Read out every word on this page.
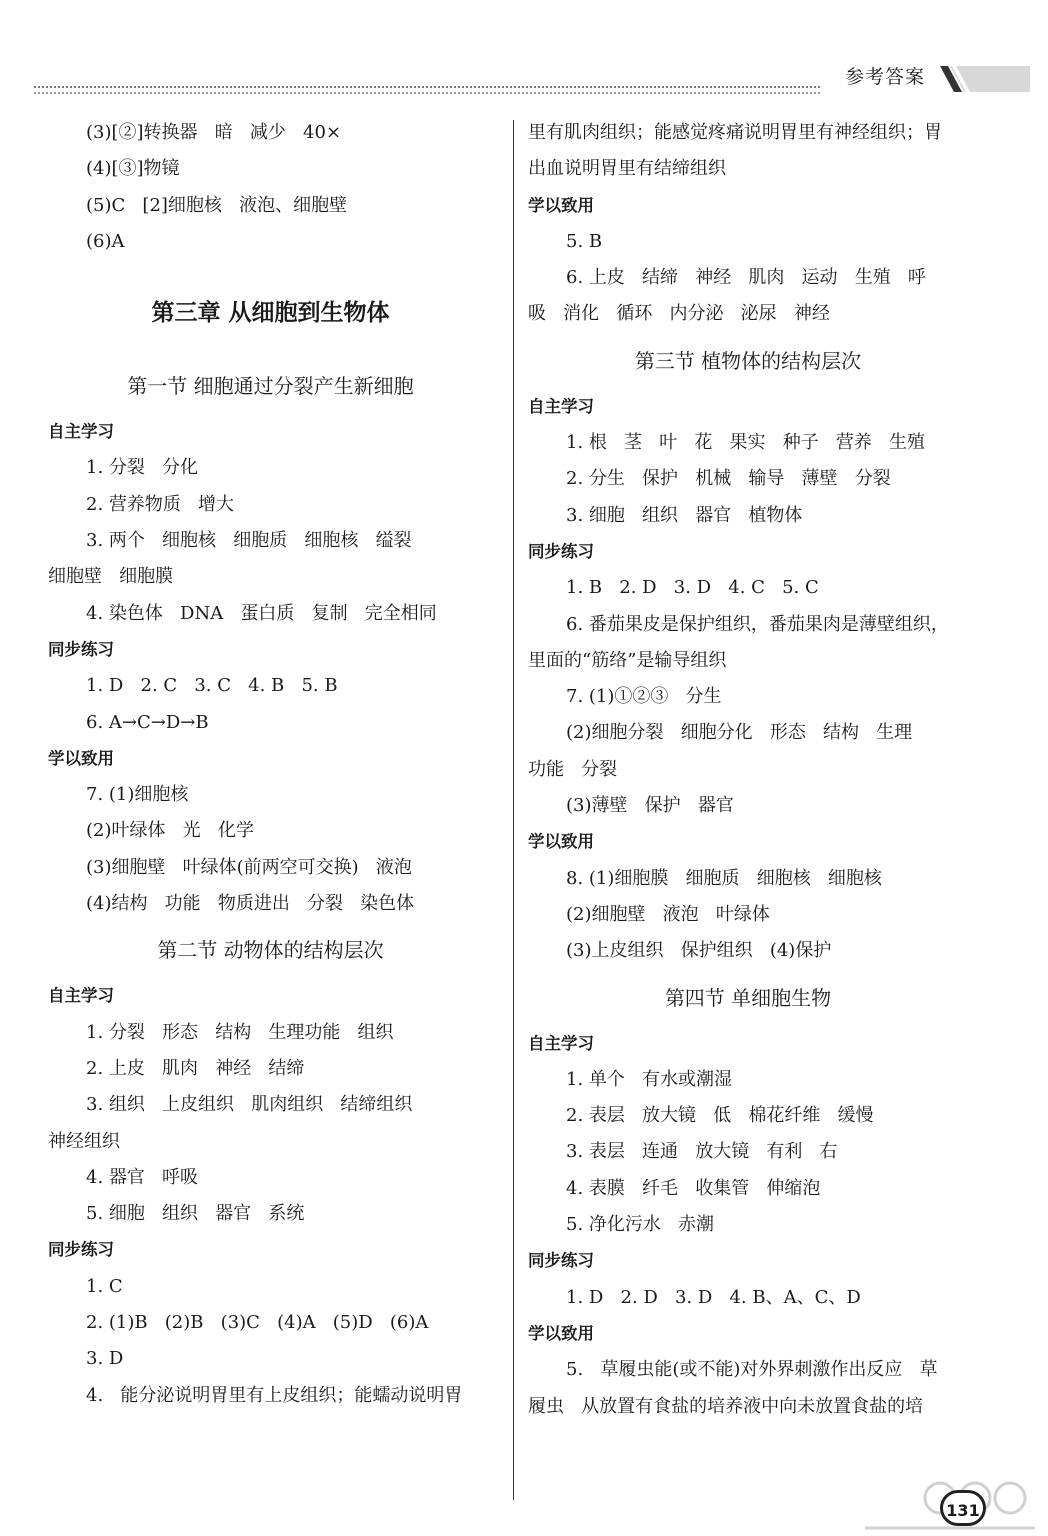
参考答案
(3)[②]转换器   暗   减少   40×
(4)[③]物镜
(5)C   [2]细胞核   液泡、细胞壁
(6)A
第三章 从细胞到生物体
第一节 细胞通过分裂产生新细胞
自主学习
1. 分裂   分化
2. 营养物质   增大
3. 两个   细胞核   细胞质   细胞核   缢裂
细胞壁   细胞膜
4. 染色体   DNA   蛋白质   复制   完全相同
同步练习
1. D   2. C   3. C   4. B   5. B
6. A→C→D→B
学以致用
7. (1)细胞核
(2)叶绿体   光   化学
(3)细胞壁   叶绿体(前两空可交换)   液泡
(4)结构   功能   物质进出   分裂   染色体
第二节 动物体的结构层次
自主学习
1. 分裂   形态   结构   生理功能   组织
2. 上皮   肌肉   神经   结缔
3. 组织   上皮组织   肌肉组织   结缔组织
神经组织
4. 器官   呼吸
5. 细胞   组织   器官   系统
同步练习
1. C
2. (1)B   (2)B   (3)C   (4)A   (5)D   (6)A
3. D
4.   能分泌说明胃里有上皮组织；能蠕动说明胃
里有肌肉组织；能感觉疼痛说明胃里有神经组织；胃
出血说明胃里有结缔组织
学以致用
5. B
6. 上皮   结缔   神经   肌肉   运动   生殖   呼
吸   消化   循环   内分泌   泌尿   神经
第三节 植物体的结构层次
自主学习
1. 根   茎   叶   花   果实   种子   营养   生殖
2. 分生   保护   机械   输导   薄壁   分裂
3. 细胞   组织   器官   植物体
同步练习
1. B   2. D   3. D   4. C   5. C
6. 番茄果皮是保护组织，番茄果肉是薄壁组织，
里面的“筋络”是输导组织
7. (1)①②③   分生
(2)细胞分裂   细胞分化   形态   结构   生理
功能   分裂
(3)薄壁   保护   器官
学以致用
8. (1)细胞膜   细胞质   细胞核   细胞核
(2)细胞壁   液泡   叶绿体
(3)上皮组织   保护组织   (4)保护
第四节 单细胞生物
自主学习
1. 单个   有水或潮湿
2. 表层   放大镜   低   棉花纤维   缓慢
3. 表层   连通   放大镜   有利   右
4. 表膜   纤毛   收集管   伸缩泡
5. 净化污水   赤潮
同步练习
1. D   2. D   3. D   4. B、A、C、D
学以致用
5.   草履虫能(或不能)对外界刺激作出反应   草
履虫   从放置有食盐的培养液中向未放置食盐的培
131
